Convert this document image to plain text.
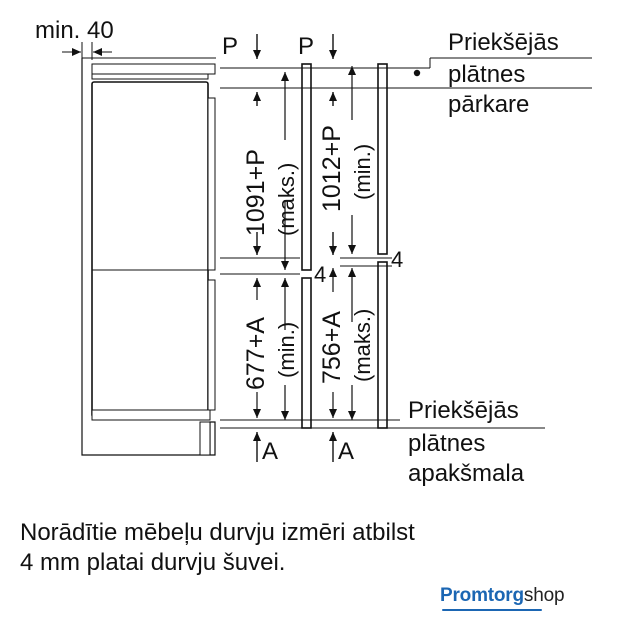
min. 40
P P
1091+P (maks.) 1012+P (min.)
4
4
677+A (min.) 756+A (maks.)
A A
Priekšējās
plātnes
pārkare
Priekšējās
plātnes
apakšmala
Norādītie mēbeļu durvju izmēri atbilst
4 mm platai durvju šuvei.
Promtorgshop
